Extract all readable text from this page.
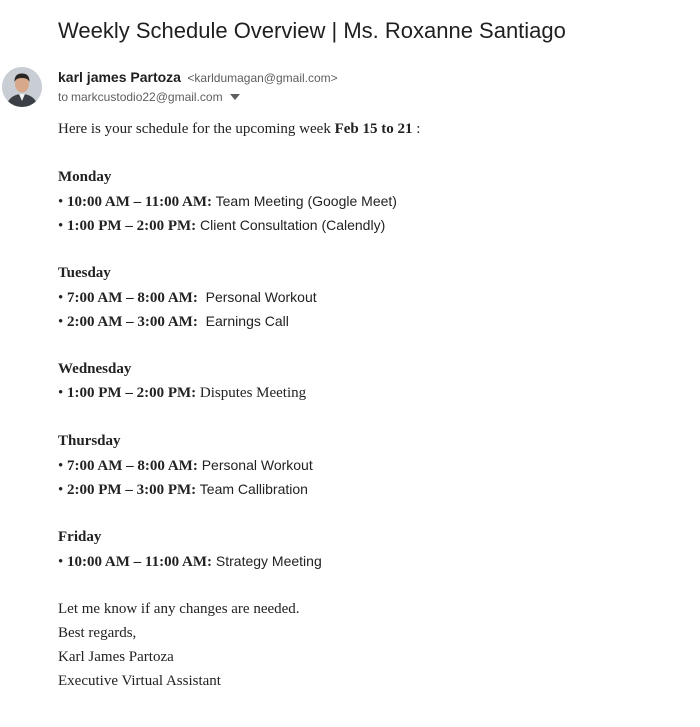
Weekly Schedule Overview | Ms. Roxanne Santiago
karl james Partoza <karldumagan@gmail.com>
to markcustodio22@gmail.com
Here is your schedule for the upcoming week Feb 15 to 21 :
Monday
• 10:00 AM – 11:00 AM: Team Meeting (Google Meet)
• 1:00 PM – 2:00 PM: Client Consultation (Calendly)
Tuesday
• 7:00 AM – 8:00 AM:  Personal Workout
• 2:00 AM – 3:00 AM:  Earnings Call
Wednesday
• 1:00 PM – 2:00 PM: Disputes Meeting
Thursday
• 7:00 AM – 8:00 AM: Personal Workout
• 2:00 PM – 3:00 PM: Team Callibration
Friday
• 10:00 AM – 11:00 AM: Strategy Meeting
Let me know if any changes are needed.
Best regards,
Karl James Partoza
Executive Virtual Assistant
